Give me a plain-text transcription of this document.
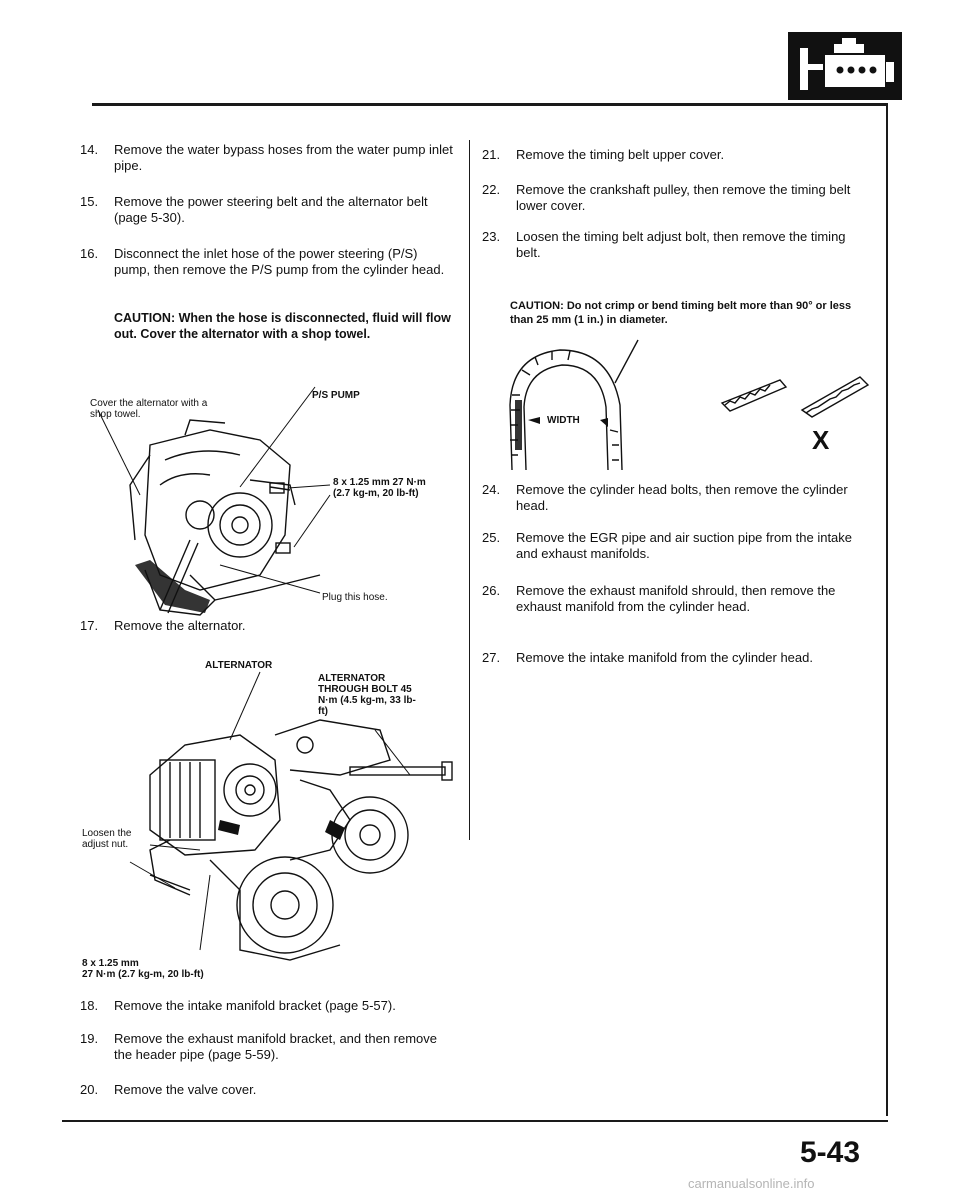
14.	Remove the water bypass hoses from the water pump inlet pipe.
15.	Remove the power steering belt and the alternator belt (page 5-30).
16.	Disconnect the inlet hose of the power steering (P/S) pump, then remove the P/S pump from the cylinder head.
CAUTION: When the hose is disconnected, fluid will flow out. Cover the alternator with a shop towel.
Cover the alternator with a shop towel.
P/S PUMP
8 x 1.25 mm 27 N·m (2.7 kg-m, 20 lb-ft)
Plug this hose.
17.	Remove the alternator.
ALTERNATOR
ALTERNATOR THROUGH BOLT 45 N·m (4.5 kg-m, 33 lb-ft)
Loosen the adjust nut.
8 x 1.25 mm
27 N·m (2.7 kg-m, 20 lb-ft)
18.	Remove the intake manifold bracket (page 5-57).
19.	Remove the exhaust manifold bracket, and then remove the header pipe (page 5-59).
20.	Remove the valve cover.
21.	Remove the timing belt upper cover.
22.	Remove the crankshaft pulley, then remove the timing belt lower cover.
23.	Loosen the timing belt adjust bolt, then remove the timing belt.
CAUTION: Do not crimp or bend timing belt more than 90° or less than 25 mm (1 in.) in diameter.
WIDTH
X
24.	Remove the cylinder head bolts, then remove the cylinder head.
25.	Remove the EGR pipe and air suction pipe from the intake and exhaust manifolds.
26.	Remove the exhaust manifold shrould, then remove the exhaust manifold from the cylinder head.
27.	Remove the intake manifold from the cylinder head.
5-43
carmanualsonline.info
